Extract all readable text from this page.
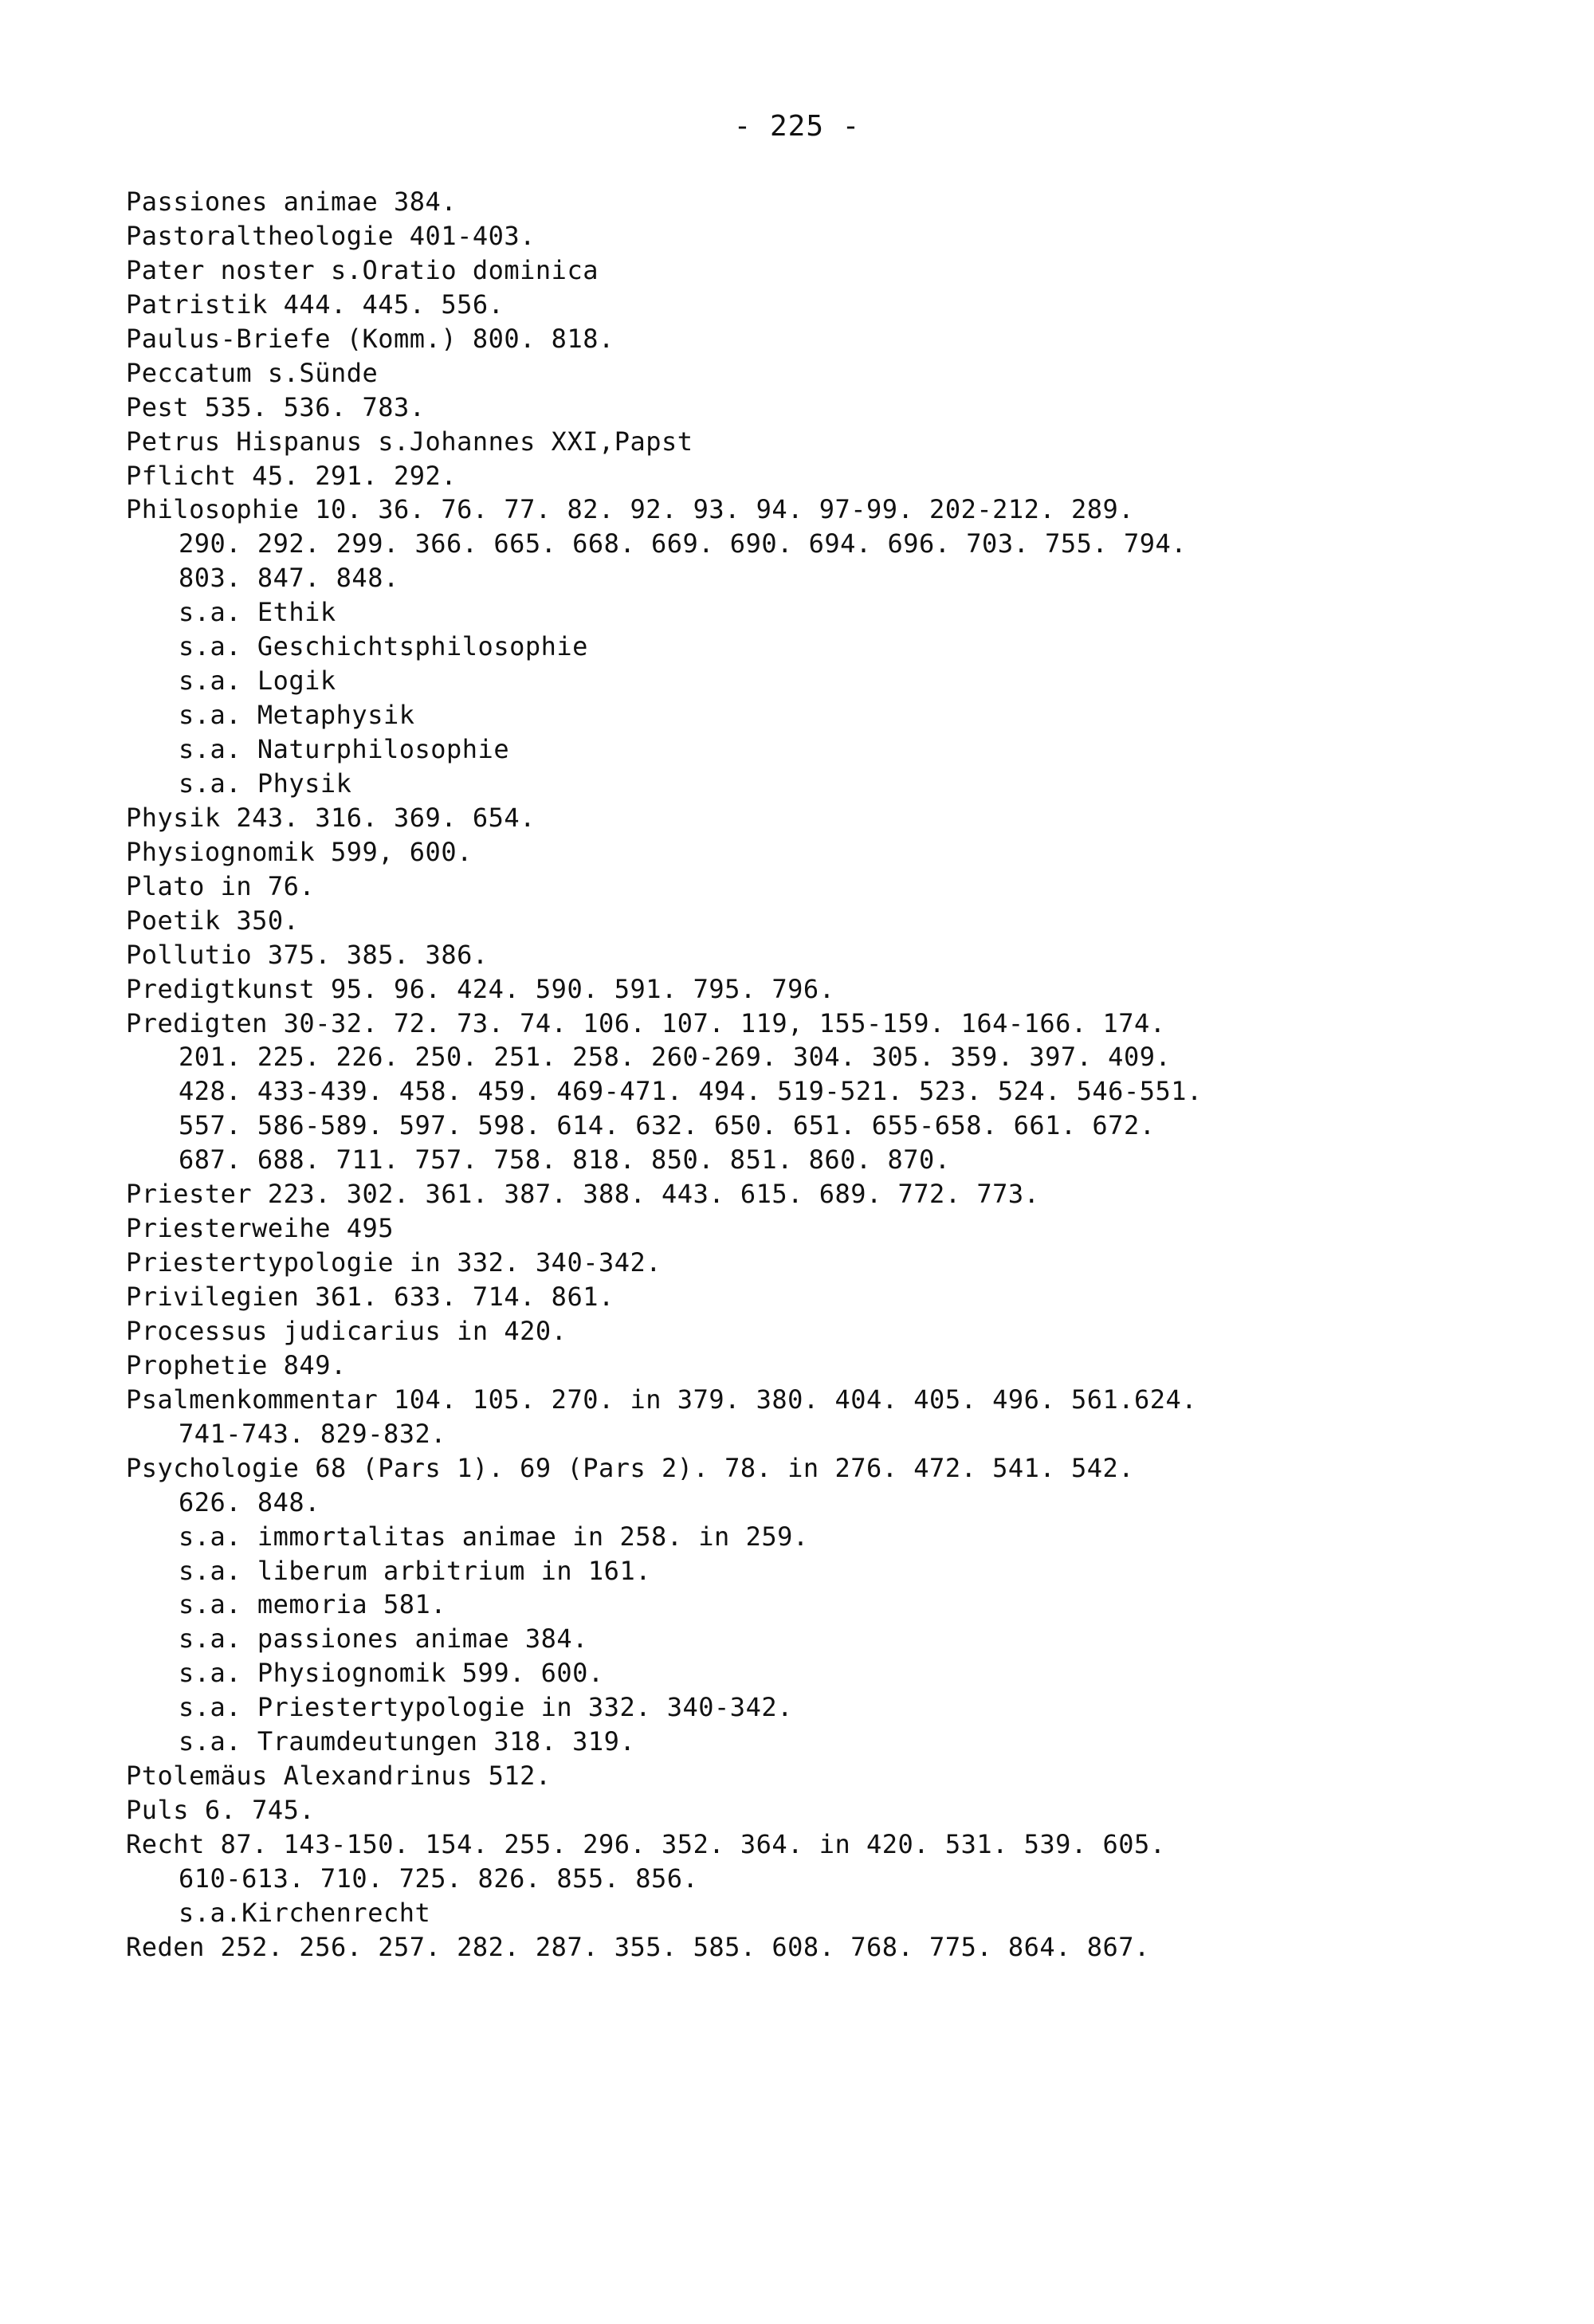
- 225 -
Passiones animae 384.
Pastoraltheologie 401-403.
Pater noster s.Oratio dominica
Patristik 444. 445. 556.
Paulus-Briefe (Komm.) 800. 818.
Peccatum s.Sünde
Pest 535. 536. 783.
Petrus Hispanus s.Johannes XXI,Papst
Pflicht 45. 291. 292.
Philosophie 10. 36. 76. 77. 82. 92. 93. 94. 97-99. 202-212. 289.
290. 292. 299. 366. 665. 668. 669. 690. 694. 696. 703. 755. 794.
803. 847. 848.
s.a. Ethik
s.a. Geschichtsphilosophie
s.a. Logik
s.a. Metaphysik
s.a. Naturphilosophie
s.a. Physik
Physik 243. 316. 369. 654.
Physiognomik 599, 600.
Plato in 76.
Poetik 350.
Pollutio 375. 385. 386.
Predigtkunst 95. 96. 424. 590. 591. 795. 796.
Predigten 30-32. 72. 73. 74. 106. 107. 119, 155-159. 164-166. 174.
201. 225. 226. 250. 251. 258. 260-269. 304. 305. 359. 397. 409.
428. 433-439. 458. 459. 469-471. 494. 519-521. 523. 524. 546-551.
557. 586-589. 597. 598. 614. 632. 650. 651. 655-658. 661. 672.
687. 688. 711. 757. 758. 818. 850. 851. 860. 870.
Priester 223. 302. 361. 387. 388. 443. 615. 689. 772. 773.
Priesterweihe 495
Priestertypologie in 332. 340-342.
Privilegien 361. 633. 714. 861.
Processus judicarius in 420.
Prophetie 849.
Psalmenkommentar 104. 105. 270. in 379. 380. 404. 405. 496. 561.624.
741-743. 829-832.
Psychologie 68 (Pars 1). 69 (Pars 2). 78. in 276. 472. 541. 542.
626. 848.
s.a. immortalitas animae in 258. in 259.
s.a. liberum arbitrium in 161.
s.a. memoria 581.
s.a. passiones animae 384.
s.a. Physiognomik 599. 600.
s.a. Priestertypologie in 332. 340-342.
s.a. Traumdeutungen 318. 319.
Ptolemäus Alexandrinus 512.
Puls 6. 745.
Recht 87. 143-150. 154. 255. 296. 352. 364. in 420. 531. 539. 605.
610-613. 710. 725. 826. 855. 856.
s.a.Kirchenrecht
Reden 252. 256. 257. 282. 287. 355. 585. 608. 768. 775. 864. 867.
